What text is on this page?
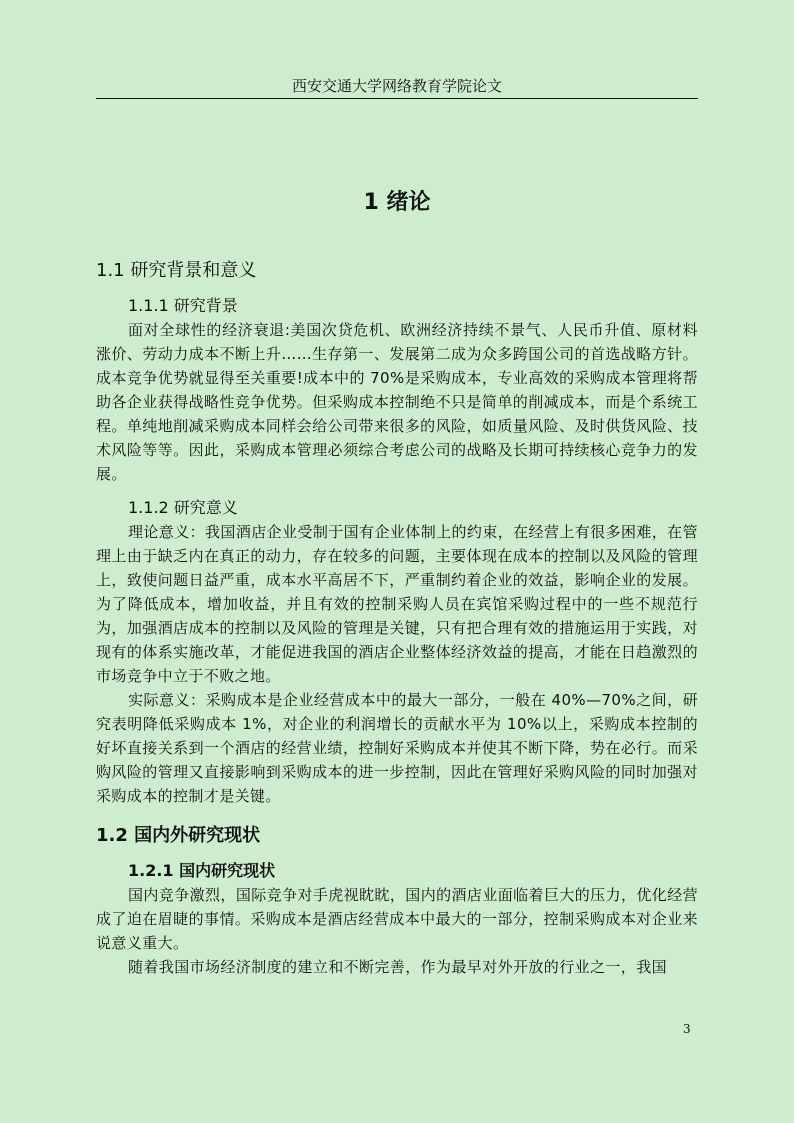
西安交通大学网络教育学院论文
1 绪论
1.1 研究背景和意义
1.1.1 研究背景

面对全球性的经济衰退:美国次贷危机、欧洲经济持续不景气、人民币升值、原材料涨价、劳动力成本不断上升……生存第一、发展第二成为众多跨国公司的首选战略方针。成本竞争优势就显得至关重要!成本中的 70%是采购成本，专业高效的采购成本管理将帮助各企业获得战略性竞争优势。但采购成本控制绝不只是简单的削减成本，而是个系统工程。单纯地削减采购成本同样会给公司带来很多的风险，如质量风险、及时供货风险、技术风险等等。因此，采购成本管理必须综合考虑公司的战略及长期可持续核心竞争力的发展。

1.1.2 研究意义

理论意义：我国酒店企业受制于国有企业体制上的约束，在经营上有很多困难，在管理上由于缺乏内在真正的动力，存在较多的问题，主要体现在成本的控制以及风险的管理上，致使问题日益严重，成本水平高居不下，严重制约着企业的效益，影响企业的发展。为了降低成本，增加收益，并且有效的控制采购人员在宾馆采购过程中的一些不规范行为，加强酒店成本的控制以及风险的管理是关键，只有把合理有效的措施运用于实践，对现有的体系实施改革，才能促进我国的酒店企业整体经济效益的提高，才能在日趋激烈的市场竞争中立于不败之地。

实际意义：采购成本是企业经营成本中的最大一部分，一般在 40%—70%之间，研究表明降低采购成本 1%，对企业的利润增长的贡献水平为 10%以上，采购成本控制的好坏直接关系到一个酒店的经营业绩，控制好采购成本并使其不断下降，势在必行。而采购风险的管理又直接影响到采购成本的进一步控制，因此在管理好采购风险的同时加强对采购成本的控制才是关键。

1.2 国内外研究现状
1.2.1 国内研究现状

国内竞争激烈，国际竞争对手虎视眈眈，国内的酒店业面临着巨大的压力，优化经营成了迫在眉睫的事情。采购成本是酒店经营成本中最大的一部分，控制采购成本对企业来说意义重大。

随着我国市场经济制度的建立和不断完善，作为最早对外开放的行业之一，我国

3
